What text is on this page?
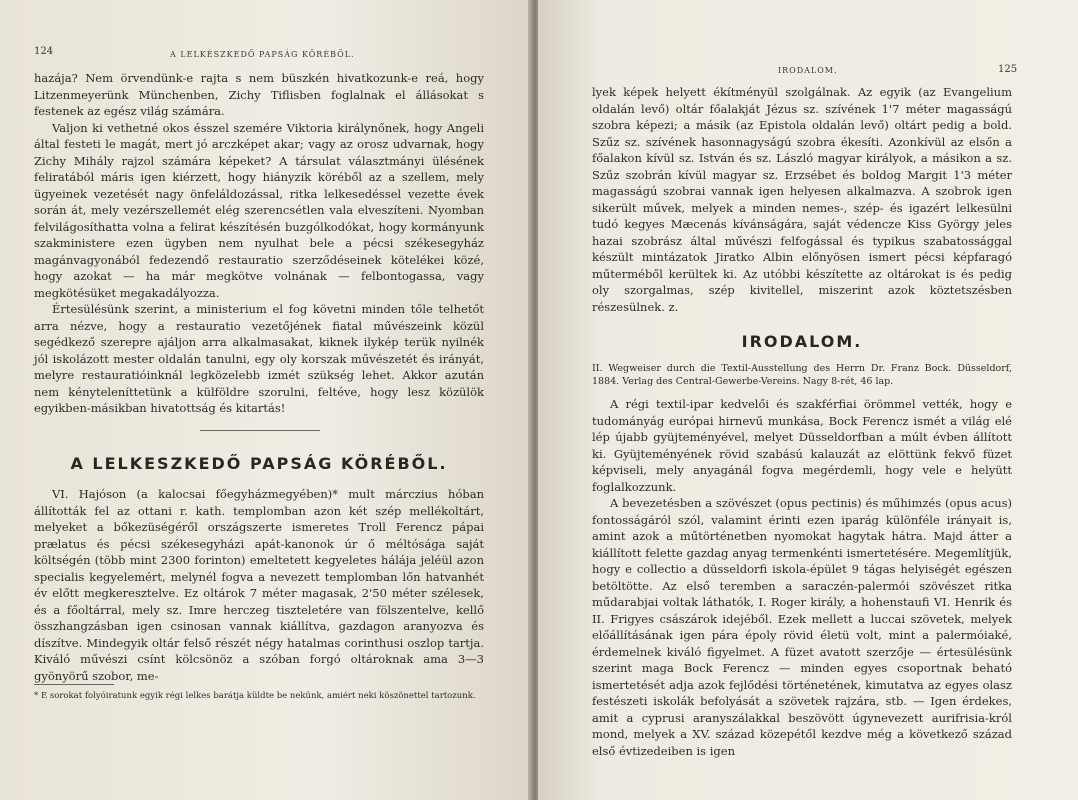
124	A LELKÉSZKEDŐ PAPSÁG KÖRÉBŐL.

hazája? Nem örvendünk-e rajta s nem büszkén hivatkozunk-e reá, hogy Litzenmeyerünk Münchenben, Zichy Tiflisben foglalnak el állásokat s festenek az egész világ számára.

Valjon ki vethetné okos ésszel szemére Viktoria királynőnek, hogy Angeli által festeti le magát, mert jó arczképet akar; vagy az orosz udvarnak, hogy Zichy Mihály rajzol számára képeket? A társulat választmányi ülésének feliratából máris igen kiérzett, hogy hiányzik köréből az a szellem, mely ügyeinek vezetését nagy önfeláldozással, ritka lelkesedéssel vezette évek során át, mely vezérszellemét elég szerencsétlen vala elveszíteni. Nyomban felvilágosíthatta volna a felirat készítésén buzgólkodókat, hogy kormányunk szakministere ezen ügyben nem nyulhat bele a pécsi székesegyház magánvagyonából fedezendő restauratio szerződéseinek kötelékei közé, hogy azokat — ha már megkötve volnának — felbontogassa, vagy megkötésüket megakadályozza.

Értesülésünk szerint, a ministerium el fog követni minden tőle telhetőt arra nézve, hogy a restauratio vezetőjének fiatal művészeink közül segédkező szerepre ajáljon arra alkalmasakat, kiknek ilykép terük nyilnék jól iskolázott mester oldalán tanulni, egy oly korszak művészetét és irányát, melyre restauratióinknál legközelebb izmét szükség lehet. Akkor azután nem kényteleníttetünk a külföldre szorulni, feltéve, hogy lesz közülök egyikben-másikban hivatottság és kitartás!

A LELKESZKEDŐ PAPSÁG KÖRÉBŐL.

VI. Hajóson (a kalocsai főegyházmegyében)* mult márczius hóban állították fel az ottani r. kath. templomban azon két szép mellékoltárt, melyeket a bőkezüségéről országszerte ismeretes Troll Ferencz pápai prælatus és pécsi székesegyházi apát-kanonok úr ő méltósága saját költségén (több mint 2300 forinton) emeltetett kegyeletes hálája jeléül azon specialis kegyelemért, melynél fogva a nevezett templomban lőn hatvanhét év előtt megkeresztelve. Ez oltárok 7 méter magasak, 2'50 méter szélesek, és a főoltárral, mely sz. Imre herczeg tiszteletére van fölszentelve, kellő összhangzásban igen csinosan vannak kiállítva, gazdagon aranyozva és díszítve. Mindegyik oltár felső részét négy hatalmas corinthusi oszlop tartja. Kiváló művészi csínt kölcsönöz a szóban forgó oltároknak ama 3—3 gyönyörű szobor, me-

* E sorokat folyóiratunk egyik régi lelkes barátja küldte be nekünk, amiért neki köszönettel tartozunk.
IRODALOM.	125

lyek képek helyett ékítményül szolgálnak. Az egyik (az Evangelium oldalán levő) oltár főalakját Jézus sz. szívének 1'7 méter magasságú szobra képezi; a másik (az Epistola oldalán levő) oltárt pedig a bold. Szűz sz. szívének hasonnagyságú szobra ékesíti. Azonkívül az elsőn a főalakon kívül sz. István és sz. László magyar királyok, a másikon a sz. Szűz szobrán kívül magyar sz. Erzsébet és boldog Margit 1'3 méter magasságú szobrai vannak igen helyesen alkalmazva. A szobrok igen sikerült művek, melyek a minden nemes-, szép- és igazért lelkesülni tudó kegyes Mæcenás kívánságára, saját védencze Kiss György jeles hazai szobrász által művészi felfogással és typikus szabatossággal készült mintázatok Jiratko Albin előnyösen ismert pécsi képfaragó műterméből kerültek ki. Az utóbbi készítette az oltárokat is és pedig oly szorgalmas, szép kivitellel, miszerint azok köztetszésben részesülnek. z.

IRODALOM.
II. Wegweiser durch die Textil-Ausstellung des Herrn Dr. Franz Bock. Düsseldorf, 1884. Verlag des Central-Gewerbe-Vereins. Nagy 8-rét, 46 lap.

A régi textil-ipar kedvelői és szakférfiai örömmel vették, hogy e tudományág európai hirnevű munkása, Bock Ferencz ismét a világ elé lép újabb gyüjteményével, melyet Düsseldorfban a múlt évben állított ki. Gyüjteményének rövid szabású kalauzát az elöttünk fekvő füzet képviseli, mely anyagánál fogva megérdemli, hogy vele e helyütt foglalkozzunk.

A bevezetésben a szövészet (opus pectinis) és műhimzés (opus acus) fontosságáról szól, valamint érinti ezen iparág különféle irányait is, amint azok a műtörténetben nyomokat hagytak hátra. Majd átter a kiállított felette gazdag anyag termenkénti ismertetésére. Megemlítjük, hogy e collectio a düsseldorfi iskola-épület 9 tágas helyiségét egészen betöltötte. Az első teremben a saraczén-palermói szövészet ritka műdarabjai voltak láthatók, I. Roger király, a hohenstaufi VI. Henrik és II. Frigyes császárok idejéből. Ezek mellett a luccai szövetek, melyek előállításának igen pára époly rövid életü volt, mint a palermóiaké, érdemelnek kiváló figyelmet. A füzet avatott szerzője — értesülésünk szerint maga Bock Ferencz — minden egyes csoportnak beható ismertetését adja azok fejlődési történetének, kimutatva az egyes olasz festészeti iskolák befolyását a szövetek rajzára, stb. — Igen érdekes, amit a cyprusi aranyszálakkal beszövött úgynevezett aurifrisia-król mond, melyek a XV. század közepétől kezdve még a következő század első évtizedeiben is igen
